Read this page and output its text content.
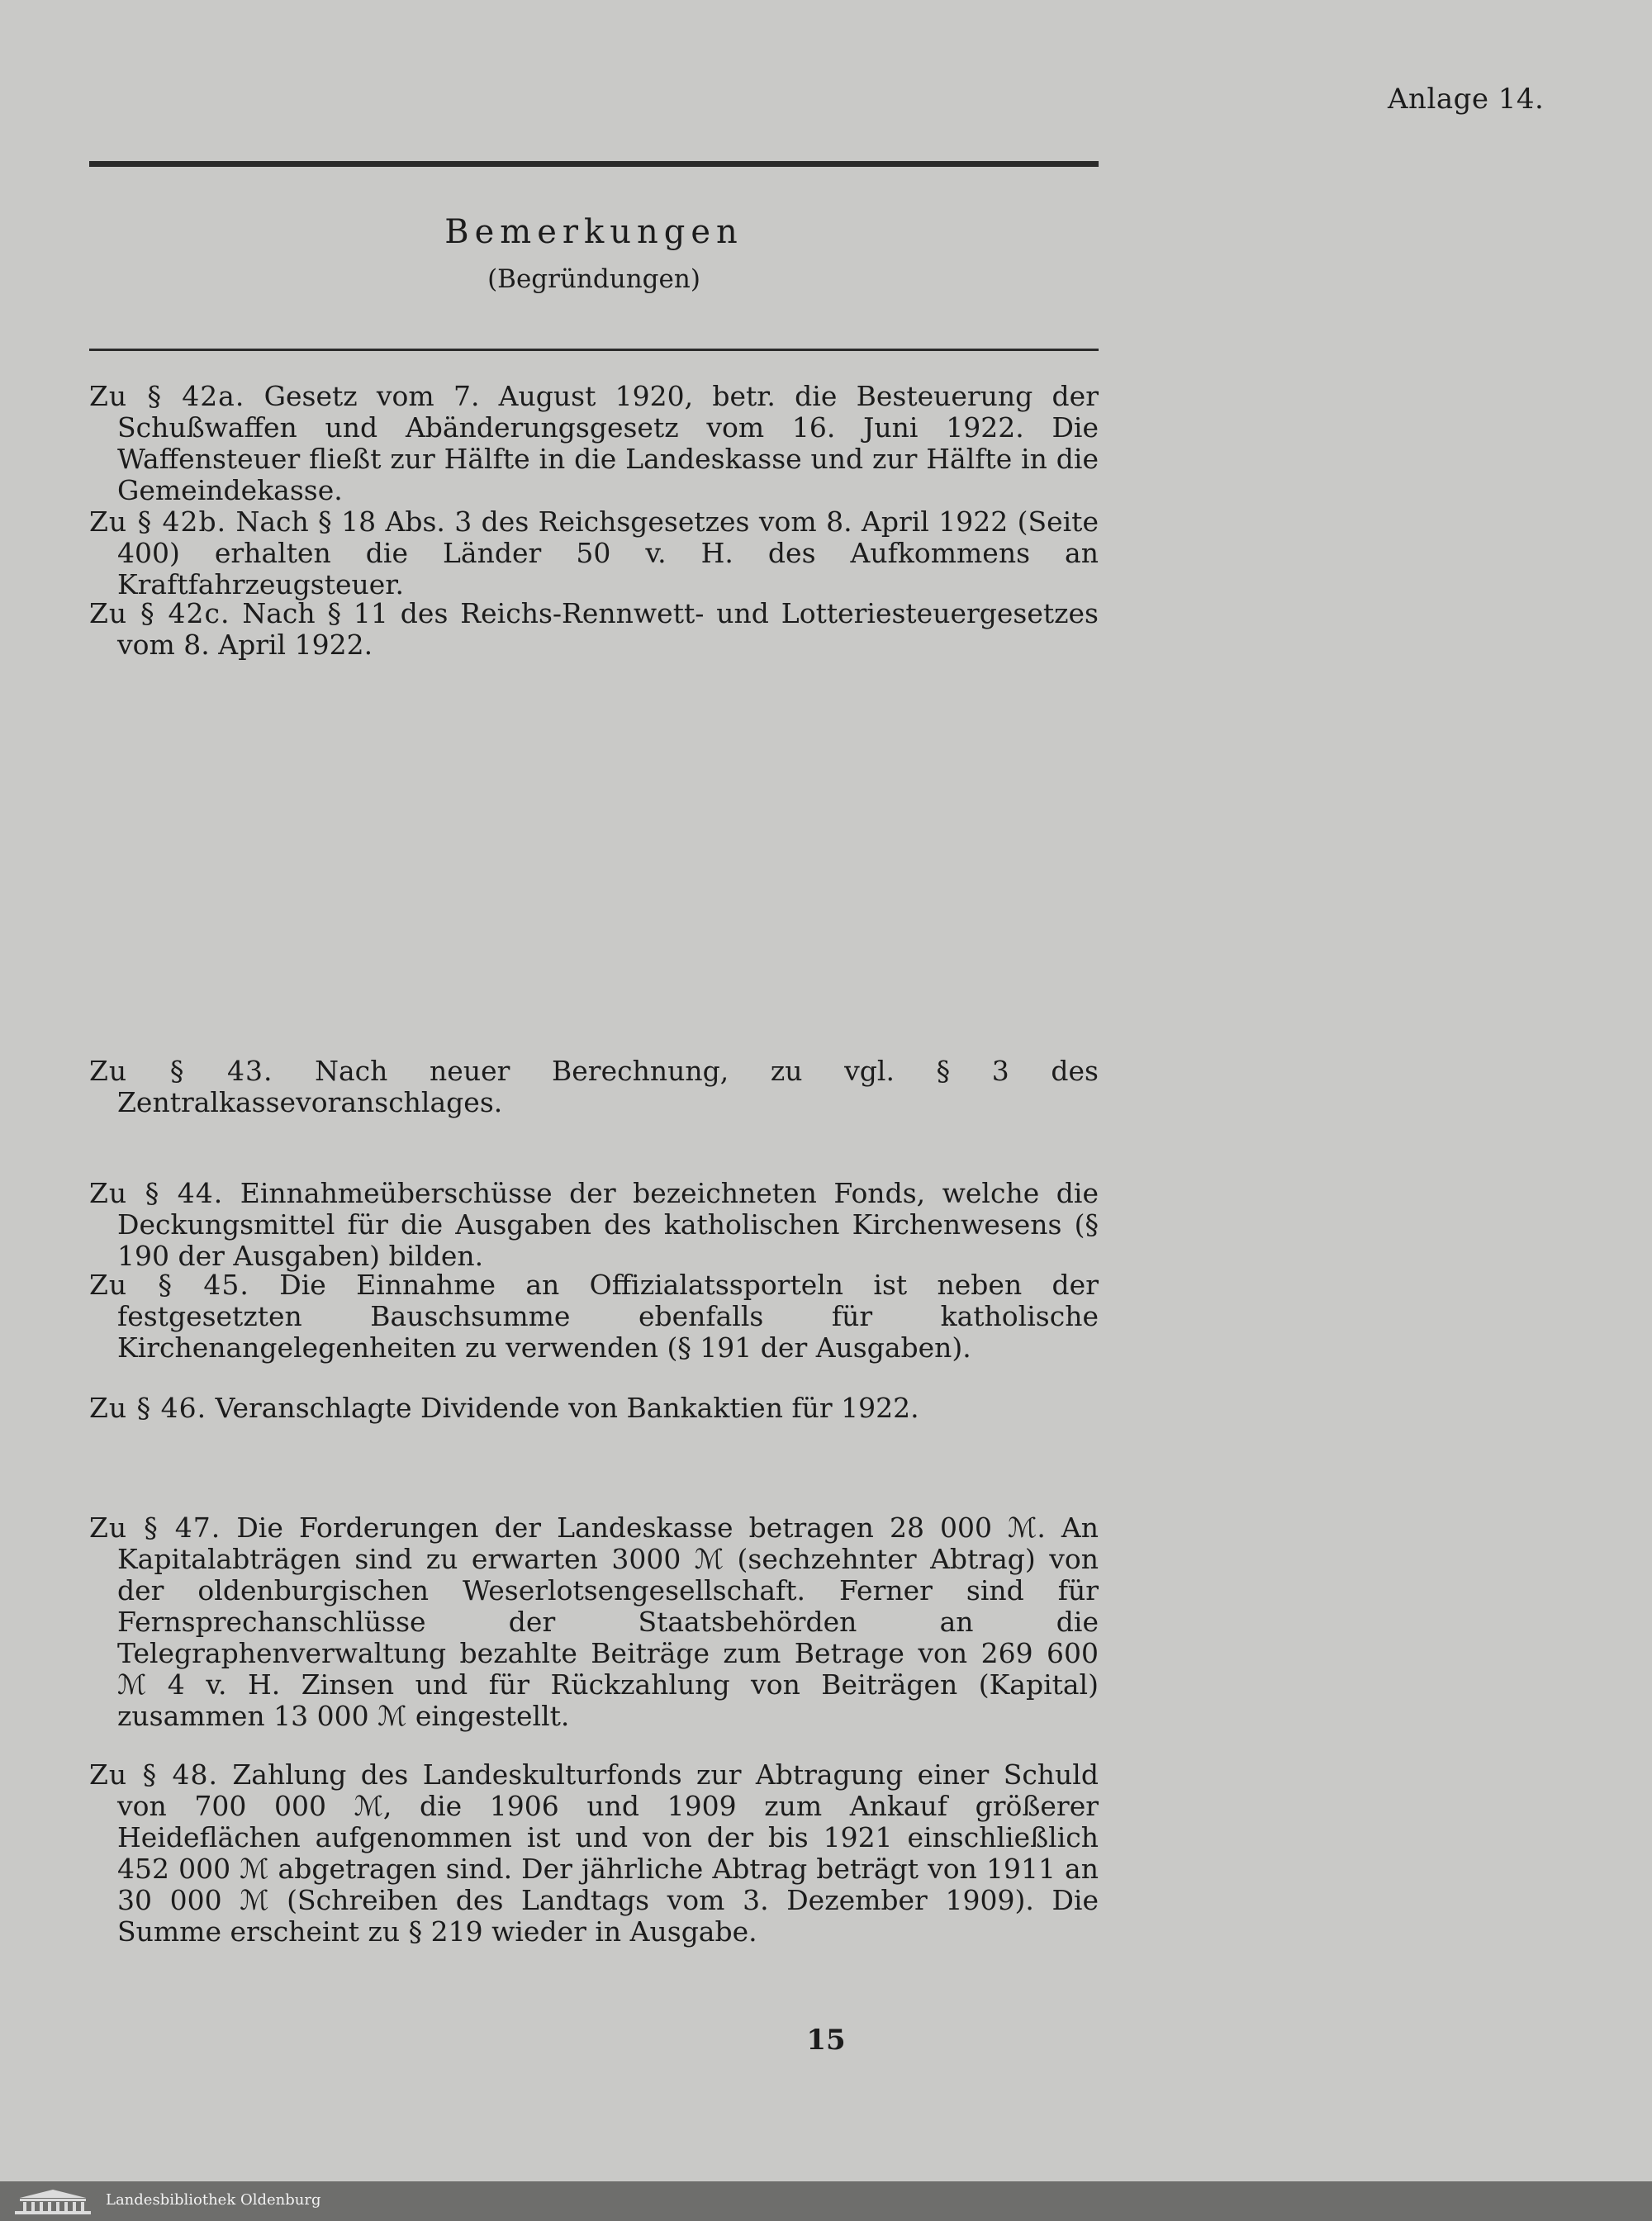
Anlage 14.
Bemerkungen
(Begründungen)
Zu § 42a. Gesetz vom 7. August 1920, betr. die Besteuerung der Schußwaffen und Abänderungsgesetz vom 16. Juni 1922. Die Waffensteuer fließt zur Hälfte in die Landeskasse und zur Hälfte in die Gemeindekasse.
Zu § 42b. Nach § 18 Abs. 3 des Reichsgesetzes vom 8. April 1922 (Seite 400) erhalten die Länder 50 v. H. des Aufkommens an Kraftfahrzeugsteuer.
Zu § 42c. Nach § 11 des Reichs-Rennwett- und Lotteriesteuergesetzes vom 8. April 1922.
Zu § 43. Nach neuer Berechnung, zu vgl. § 3 des Zentralkassevoranschlages.
Zu § 44. Einnahmeüberschüsse der bezeichneten Fonds, welche die Deckungsmittel für die Ausgaben des katholischen Kirchenwesens (§ 190 der Ausgaben) bilden.
Zu § 45. Die Einnahme an Offizialatssporteln ist neben der festgesetzten Bauschsumme ebenfalls für katholische Kirchenangelegenheiten zu verwenden (§ 191 der Ausgaben).
Zu § 46. Veranschlagte Dividende von Bankaktien für 1922.
Zu § 47. Die Forderungen der Landeskasse betragen 28 000 ℳ. An Kapitalabträgen sind zu erwarten 3000 ℳ (sechzehnter Abtrag) von der oldenburgischen Weserlotsengesellschaft. Ferner sind für Fernsprechanschlüsse der Staatsbehörden an die Telegraphenverwaltung bezahlte Beiträge zum Betrage von 269 600 ℳ 4 v. H. Zinsen und für Rückzahlung von Beiträgen (Kapital) zusammen 13 000 ℳ eingestellt.
Zu § 48. Zahlung des Landeskulturfonds zur Abtragung einer Schuld von 700 000 ℳ, die 1906 und 1909 zum Ankauf größerer Heideflächen aufgenommen ist und von der bis 1921 einschließlich 452 000 ℳ abgetragen sind. Der jährliche Abtrag beträgt von 1911 an 30 000 ℳ (Schreiben des Landtags vom 3. Dezember 1909). Die Summe erscheint zu § 219 wieder in Ausgabe.
15
Landesbibliothek Oldenburg
